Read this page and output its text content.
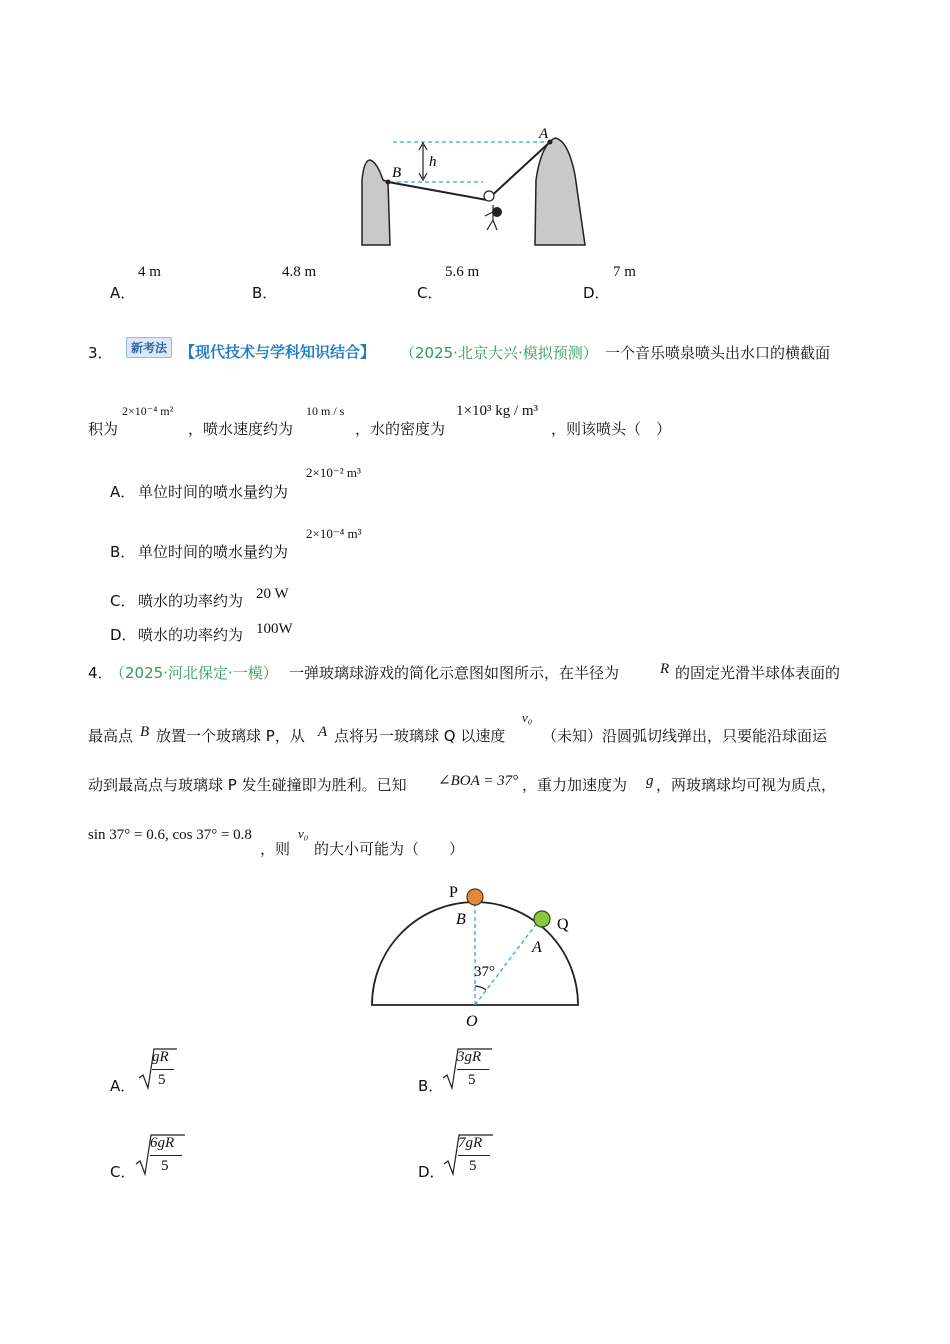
A
B
h
A．
4 m
B．
4.8 m
C．
5.6 m
D．
7 m
3．	新考法 【现代技术与学科知识结合】 （2025·北京大兴·模拟预测） 一个音乐喷泉喷头出水口的横截面
积为
2×10⁻⁴ m²
，喷水速度约为
10 m / s
，水的密度为
1×10³ kg / m³
，则该喷头（　）
A． 单位时间的喷水量约为
2×10⁻² m³
B． 单位时间的喷水量约为
2×10⁻⁴ m³
C． 喷水的功率约为 20 W
D． 喷水的功率约为 100W
4．
（2025·河北保定·一模） 一弹玻璃球游戏的简化示意图如图所示，在半径为	R 的固定光滑半球体表面的
最高点 B 放置一个玻璃球 P，从 A 点将另一玻璃球 Q 以速度
v₀
（未知）沿圆弧切线弹出，只要能沿球面运
动到最高点与玻璃球 P 发生碰撞即为胜利。已知 ∠BOA = 37° ，重力加速度为 g ，两玻璃球均可视为质点，
sin 37° = 0.6, cos 37° = 0.8
，则
v₀
的大小可能为（　　）
P
Q
B
A
37°
O
A．
gR
5	B．
3gR
5
C．
6gR
5	D．
7gR
5
